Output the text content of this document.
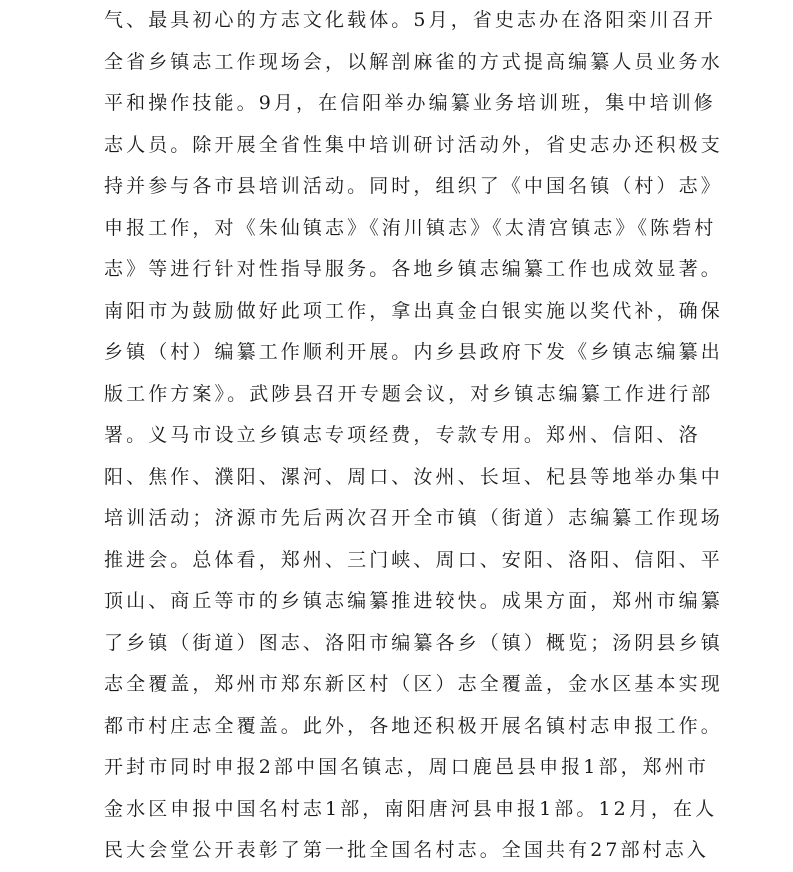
气、最具初心的方志文化载体。5月，省史志办在洛阳栾川召开
全省乡镇志工作现场会，以解剖麻雀的方式提高编纂人员业务水
平和操作技能。9月，在信阳举办编纂业务培训班，集中培训修
志人员。除开展全省性集中培训研讨活动外，省史志办还积极支
持并参与各市县培训活动。同时，组织了《中国名镇（村）志》
申报工作，对《朱仙镇志》《洧川镇志》《太清宫镇志》《陈砦村
志》等进行针对性指导服务。各地乡镇志编纂工作也成效显著。
南阳市为鼓励做好此项工作，拿出真金白银实施以奖代补，确保
乡镇（村）编纂工作顺利开展。内乡县政府下发《乡镇志编纂出
版工作方案》。武陟县召开专题会议，对乡镇志编纂工作进行部
署。义马市设立乡镇志专项经费，专款专用。郑州、信阳、洛
阳、焦作、濮阳、漯河、周口、汝州、长垣、杞县等地举办集中
培训活动；济源市先后两次召开全市镇（街道）志编纂工作现场
推进会。总体看，郑州、三门峡、周口、安阳、洛阳、信阳、平
顶山、商丘等市的乡镇志编纂推进较快。成果方面，郑州市编纂
了乡镇（街道）图志、洛阳市编纂各乡（镇）概览；汤阴县乡镇
志全覆盖，郑州市郑东新区村（区）志全覆盖，金水区基本实现
都市村庄志全覆盖。此外，各地还积极开展名镇村志申报工作。
开封市同时申报2部中国名镇志，周口鹿邑县申报1部，郑州市
金水区申报中国名村志1部，南阳唐河县申报1部。12月，在人
民大会堂公开表彰了第一批全国名村志。全国共有27部村志入
